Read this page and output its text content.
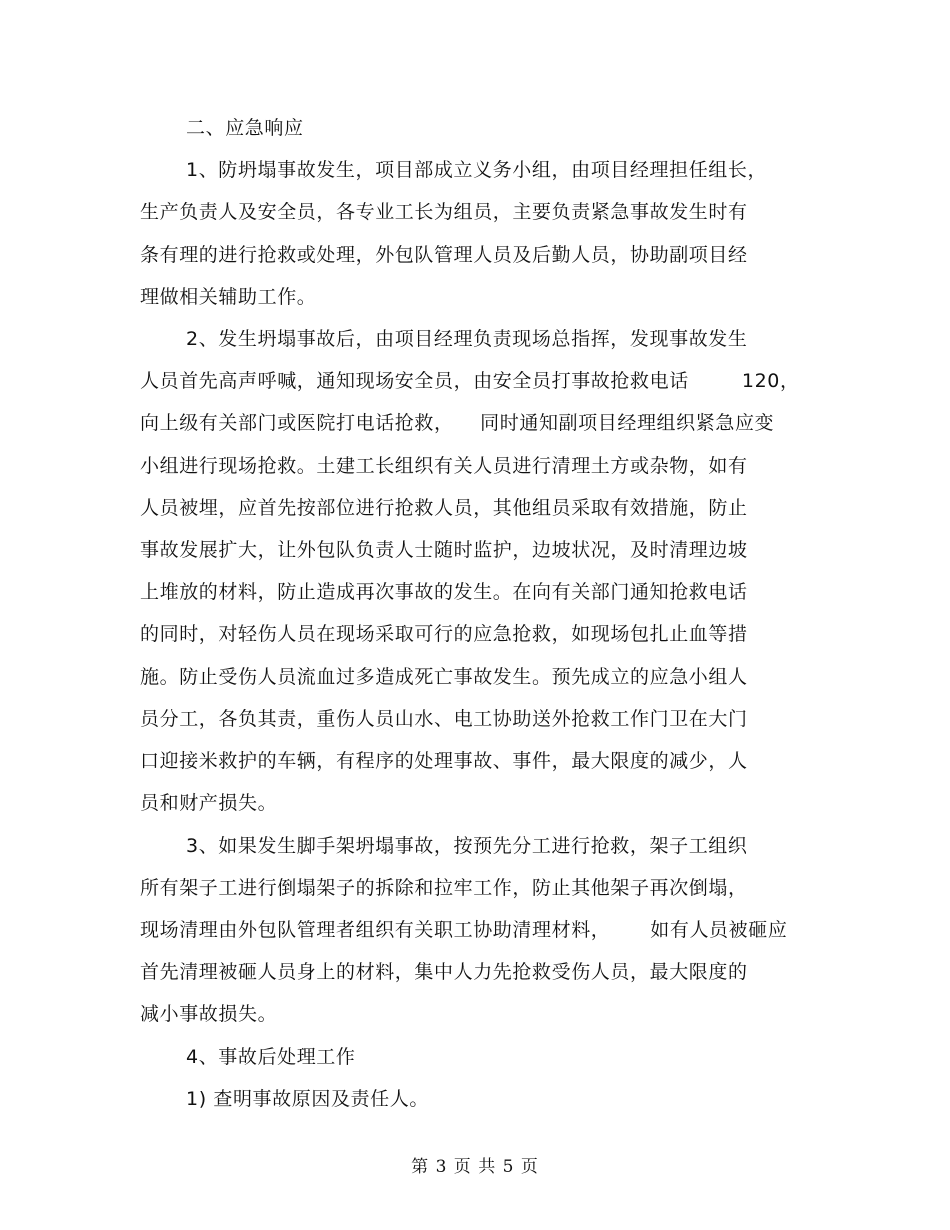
二、应急响应
1、防坍塌事故发生，项目部成立义务小组，由项目经理担任组长，
生产负责人及安全员，各专业工长为组员，主要负责紧急事故发生时有
条有理的进行抢救或处理，外包队管理人员及后勤人员，协助副项目经
理做相关辅助工作。
2、发生坍塌事故后，由项目经理负责现场总指挥，发现事故发生
人员首先高声呼喊，通知现场安全员，由安全员打事故抢救电话        120，
向上级有关部门或医院打电话抢救，    同时通知副项目经理组织紧急应变
小组进行现场抢救。土建工长组织有关人员进行清理土方或杂物，如有
人员被埋，应首先按部位进行抢救人员，其他组员采取有效措施，防止
事故发展扩大，让外包队负责人士随时监护，边坡状况，及时清理边坡
上堆放的材料，防止造成再次事故的发生。在向有关部门通知抢救电话
的同时，对轻伤人员在现场采取可行的应急抢救，如现场包扎止血等措
施。防止受伤人员流血过多造成死亡事故发生。预先成立的应急小组人
员分工，各负其责，重伤人员山水、电工协助送外抢救工作门卫在大门
口迎接米救护的车辆，有程序的处理事故、事件，最大限度的减少，人
员和财产损失。
3、如果发生脚手架坍塌事故，按预先分工进行抢救，架子工组织
所有架子工进行倒塌架子的拆除和拉牢工作，防止其他架子再次倒塌，
现场清理由外包队管理者组织有关职工协助清理材料，      如有人员被砸应
首先清理被砸人员身上的材料，集中人力先抢救受伤人员，最大限度的
减小事故损失。
4、事故后处理工作
1) 查明事故原因及责任人。
第 3 页 共 5 页
